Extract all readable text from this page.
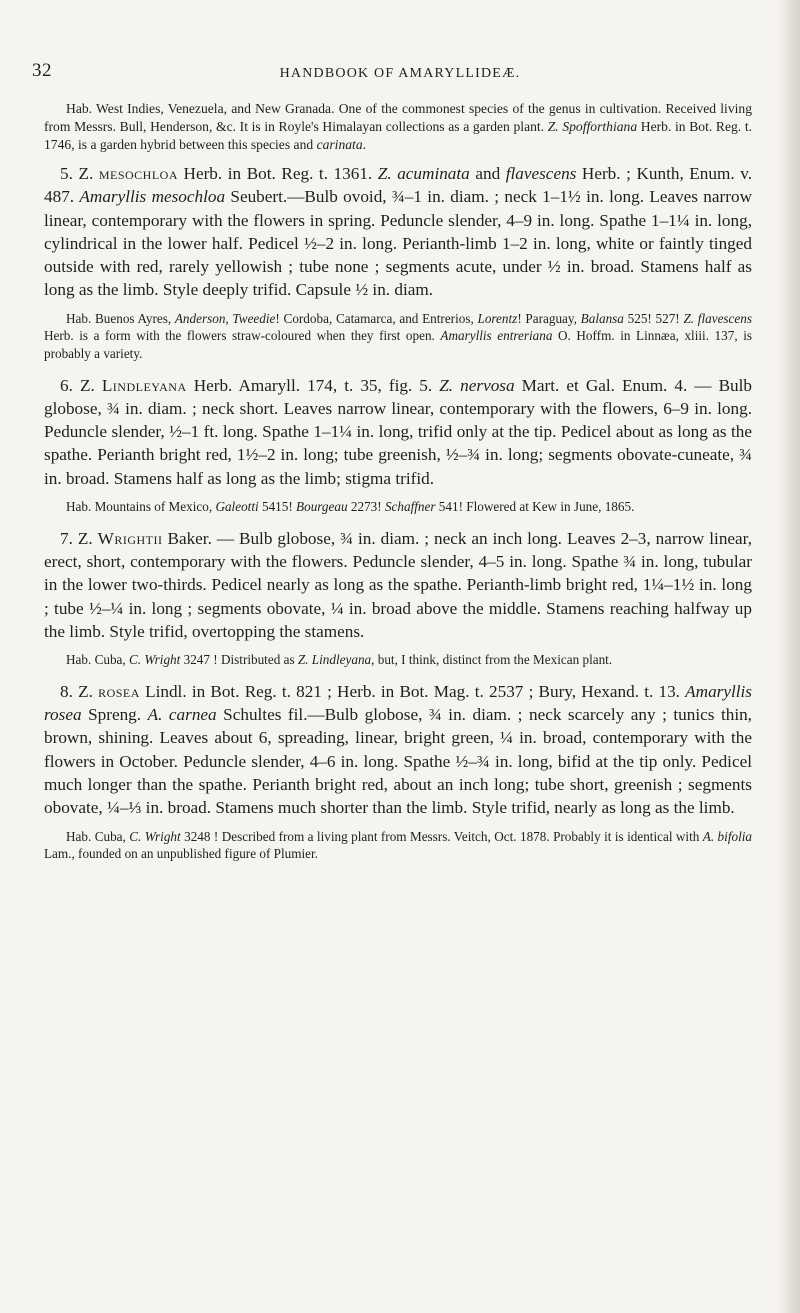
32	HANDBOOK OF AMARYLLIDEÆ.

Hab. West Indies, Venezuela, and New Granada. One of the commonest species of the genus in cultivation. Received living from Messrs. Bull, Henderson, &c. It is in Royle's Himalayan collections as a garden plant. Z. Spofforthiana Herb. in Bot. Reg. t. 1746, is a garden hybrid between this species and carinata.

5. Z. mesochloa Herb. in Bot. Reg. t. 1361. Z. acuminata and flavescens Herb. ; Kunth, Enum. v. 487. Amaryllis mesochloa Seubert.—Bulb ovoid, ¾–1 in. diam. ; neck 1–1½ in. long. Leaves narrow linear, contemporary with the flowers in spring. Peduncle slender, 4–9 in. long. Spathe 1–1¼ in. long, cylindrical in the lower half. Pedicel ½–2 in. long. Perianth-limb 1–2 in. long, white or faintly tinged outside with red, rarely yellowish ; tube none ; segments acute, under ½ in. broad. Stamens half as long as the limb. Style deeply trifid. Capsule ½ in. diam.

Hab. Buenos Ayres, Anderson, Tweedie! Cordoba, Catamarca, and Entrerios, Lorentz! Paraguay, Balansa 525! 527! Z. flavescens Herb. is a form with the flowers straw-coloured when they first open. Amaryllis entreriana O. Hoffm. in Linnæa, xliii. 137, is probably a variety.

6. Z. Lindleyana Herb. Amaryll. 174, t. 35, fig. 5. Z. nervosa Mart. et Gal. Enum. 4. — Bulb globose, ¾ in. diam. ; neck short. Leaves narrow linear, contemporary with the flowers, 6–9 in. long. Peduncle slender, ½–1 ft. long. Spathe 1–1¼ in. long, trifid only at the tip. Pedicel about as long as the spathe. Perianth bright red, 1½–2 in. long; tube greenish, ½–¾ in. long; segments obovate-cuneate, ¾ in. broad. Stamens half as long as the limb; stigma trifid.

Hab. Mountains of Mexico, Galeotti 5415! Bourgeau 2273! Schaffner 541! Flowered at Kew in June, 1865.

7. Z. Wrightii Baker. — Bulb globose, ¾ in. diam. ; neck an inch long. Leaves 2–3, narrow linear, erect, short, contemporary with the flowers. Peduncle slender, 4–5 in. long. Spathe ¾ in. long, tubular in the lower two-thirds. Pedicel nearly as long as the spathe. Perianth-limb bright red, 1¼–1½ in. long ; tube ½–¼ in. long ; segments obovate, ¼ in. broad above the middle. Stamens reaching halfway up the limb. Style trifid, overtopping the stamens.

Hab. Cuba, C. Wright 3247 ! Distributed as Z. Lindleyana, but, I think, distinct from the Mexican plant.

8. Z. rosea Lindl. in Bot. Reg. t. 821 ; Herb. in Bot. Mag. t. 2537 ; Bury, Hexand. t. 13. Amaryllis rosea Spreng. A. carnea Schultes fil.—Bulb globose, ¾ in. diam. ; neck scarcely any ; tunics thin, brown, shining. Leaves about 6, spreading, linear, bright green, ¼ in. broad, contemporary with the flowers in October. Peduncle slender, 4–6 in. long. Spathe ½–¾ in. long, bifid at the tip only. Pedicel much longer than the spathe. Perianth bright red, about an inch long; tube short, greenish ; segments obovate, ¼–⅓ in. broad. Stamens much shorter than the limb. Style trifid, nearly as long as the limb.

Hab. Cuba, C. Wright 3248 ! Described from a living plant from Messrs. Veitch, Oct. 1878. Probably it is identical with A. bifolia Lam., founded on an unpublished figure of Plumier.
